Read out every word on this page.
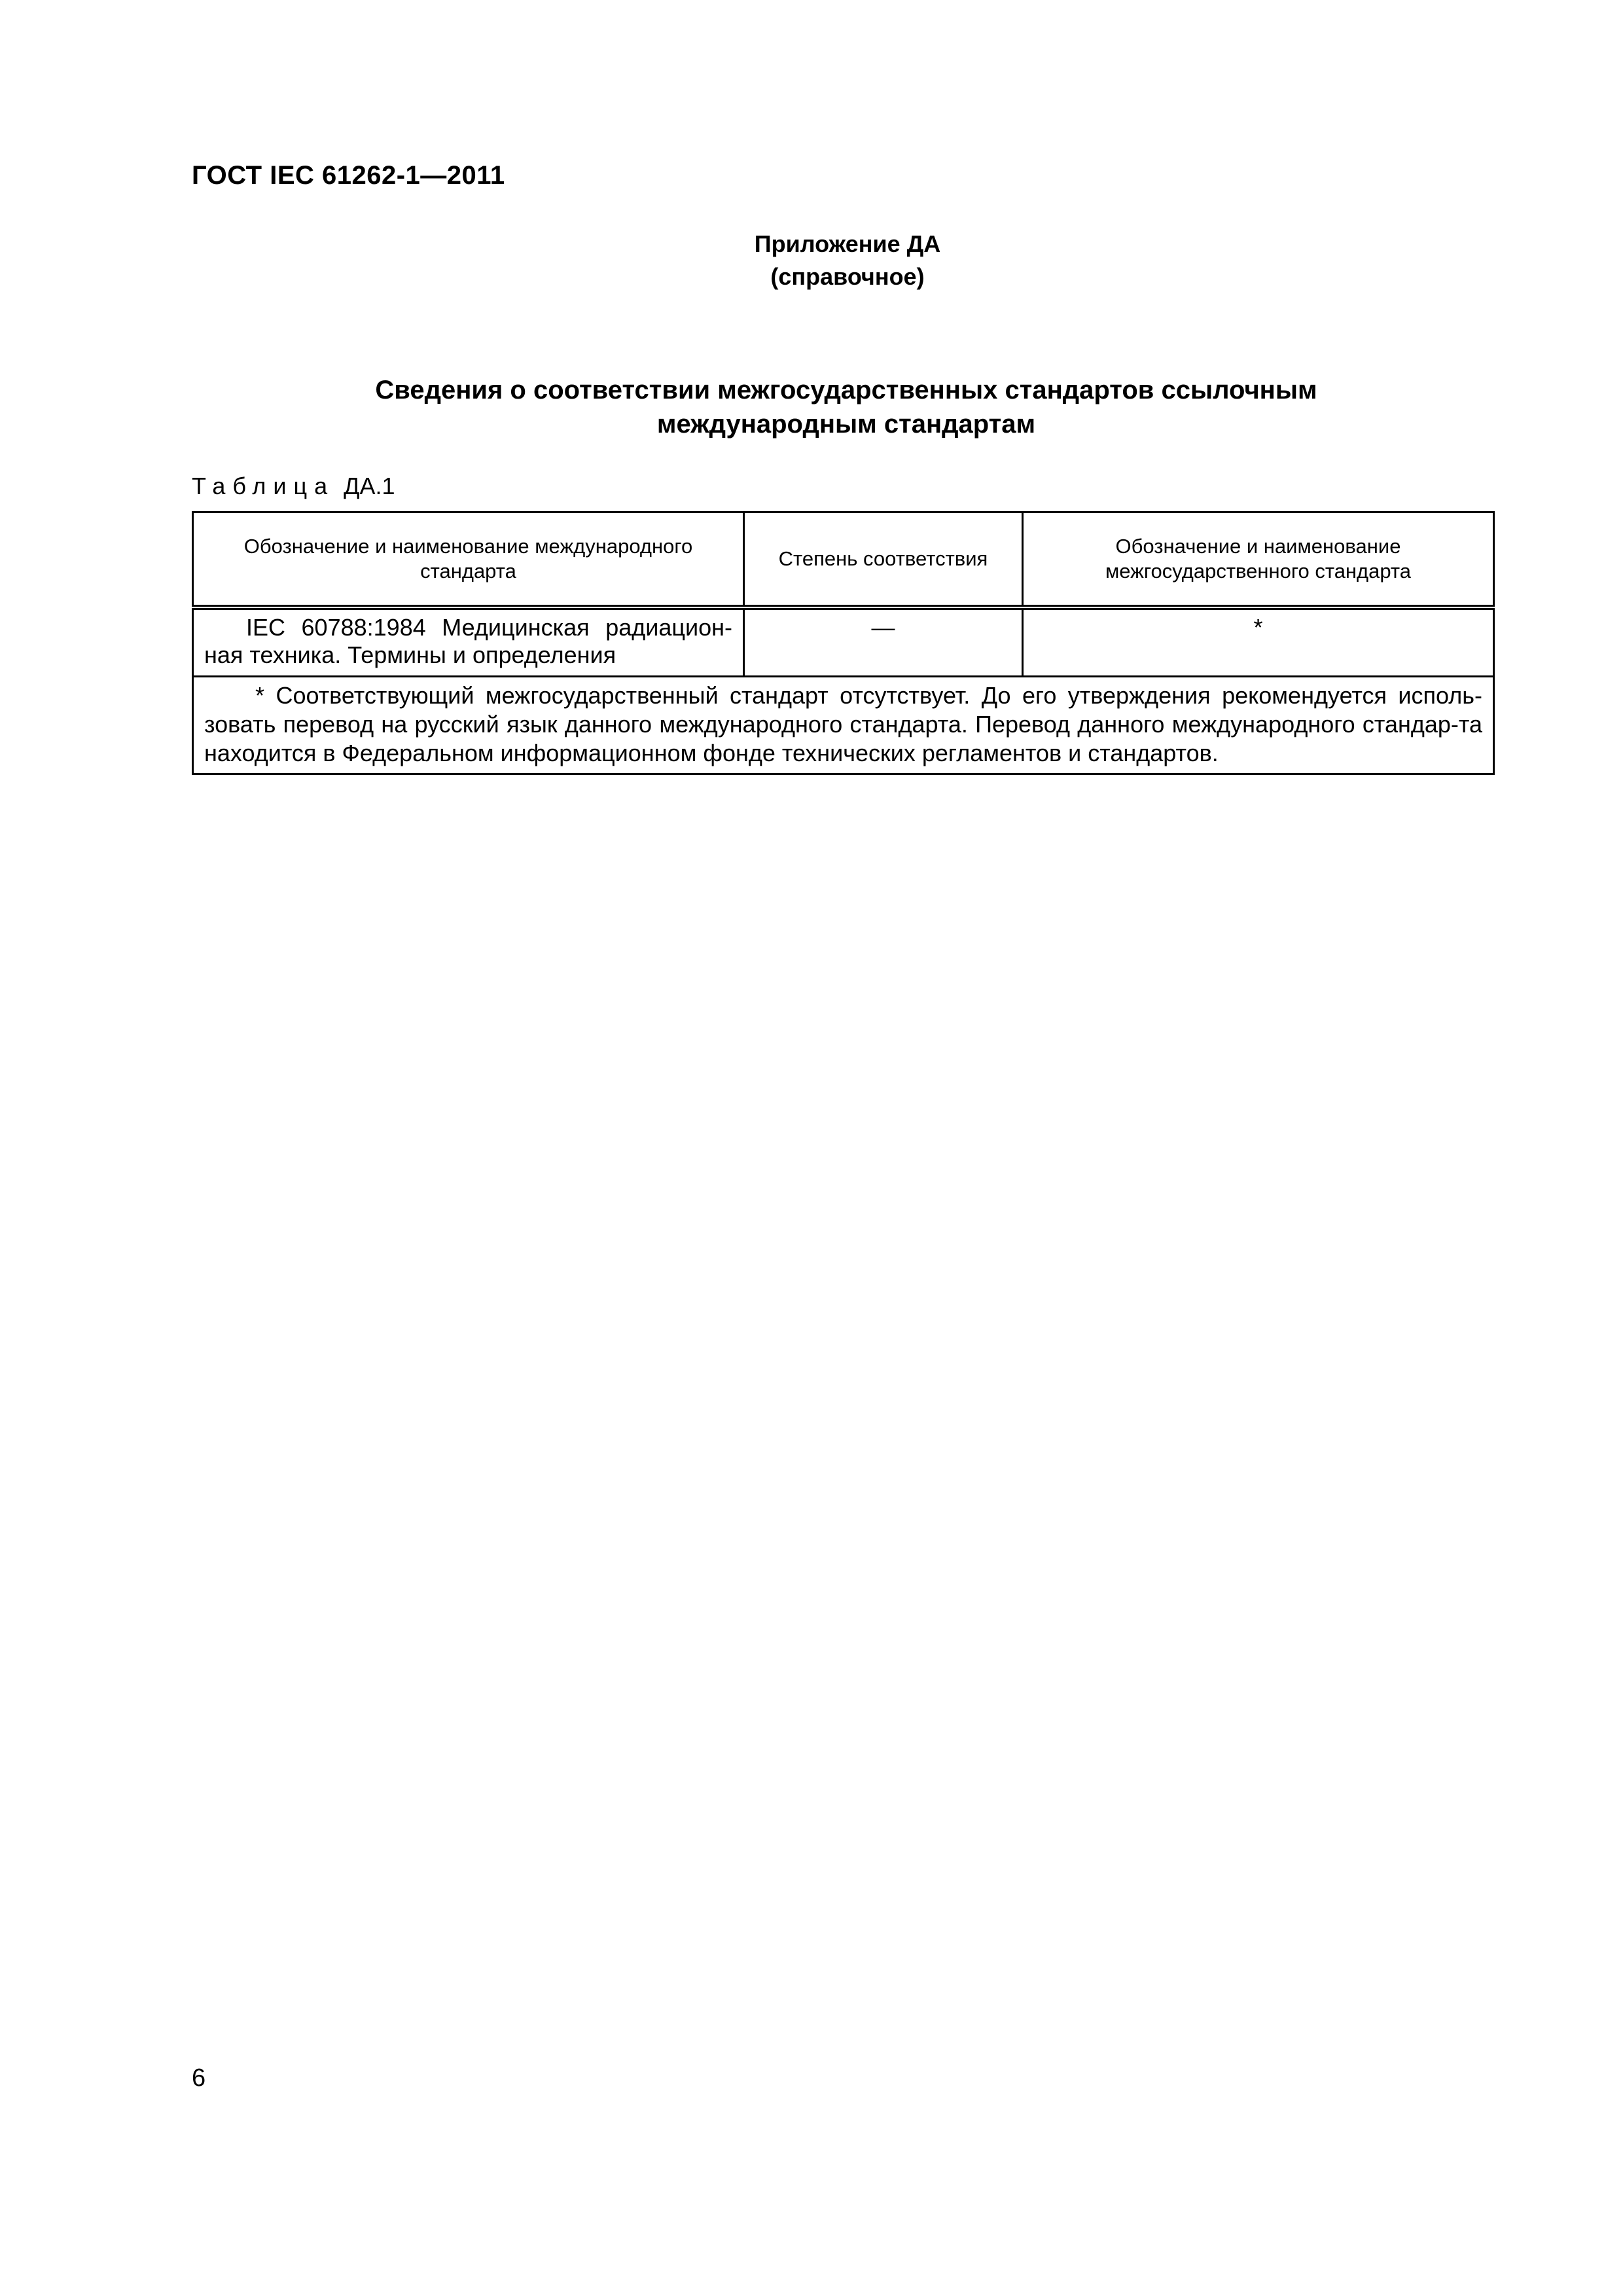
ГОСТ IEC 61262-1—2011

Приложение ДА

(справочное)

Сведения о соответствии межгосударственных стандартов ссылочным
международным стандартам

Таблица ДА.1

Обозначение и наименование международного стандарта	Степень соответствия	Обозначение и наименование межгосударственного стандарта

IEC 60788:1984 Медицинская радиацион-ная техника. Термины и определения	—	*
* Соответствующий межгосударственный стандарт отсутствует. До его утверждения рекомендуется исполь-зовать перевод на русский язык данного международного стандарта. Перевод данного международного стандар-та находится в Федеральном информационном фонде технических регламентов и стандартов.		

6
